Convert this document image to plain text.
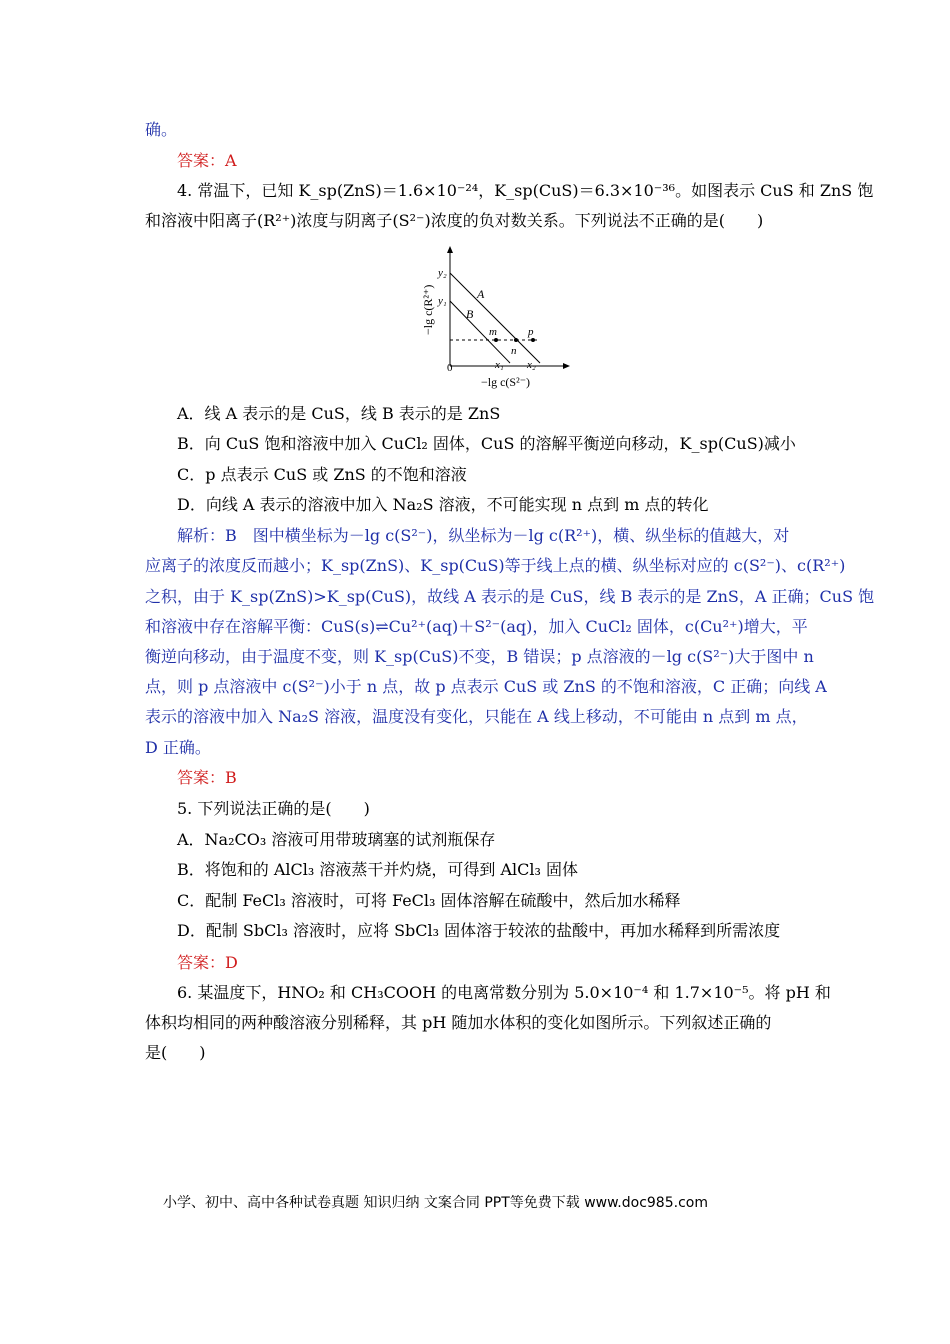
确。
答案：A
4. 常温下，已知 K_sp(ZnS)＝1.6×10⁻²⁴，K_sp(CuS)＝6.3×10⁻³⁶。如图表示 CuS 和 ZnS 饱
和溶液中阳离子(R²⁺)浓度与阴离子(S²⁻)浓度的负对数关系。下列说法不正确的是(　　)
y₂
y₁	A
B
m
n
p
0	x₁ x₂
−lg c(S²⁻)
−lg c(R²⁺)
A．线 A 表示的是 CuS，线 B 表示的是 ZnS
B．向 CuS 饱和溶液中加入 CuCl₂ 固体，CuS 的溶解平衡逆向移动，K_sp(CuS)减小
C．p 点表示 CuS 或 ZnS 的不饱和溶液
D．向线 A 表示的溶液中加入 Na₂S 溶液，不可能实现 n 点到 m 点的转化
解析：B　图中横坐标为－lg c(S²⁻)，纵坐标为－lg c(R²⁺)，横、纵坐标的值越大，对
应离子的浓度反而越小；K_sp(ZnS)、K_sp(CuS)等于线上点的横、纵坐标对应的 c(S²⁻)、c(R²⁺)
之积，由于 K_sp(ZnS)>K_sp(CuS)，故线 A 表示的是 CuS，线 B 表示的是 ZnS，A 正确；CuS 饱
和溶液中存在溶解平衡：CuS(s)⇌Cu²⁺(aq)＋S²⁻(aq)，加入 CuCl₂ 固体，c(Cu²⁺)增大，平
衡逆向移动，由于温度不变，则 K_sp(CuS)不变，B 错误；p 点溶液的－lg c(S²⁻)大于图中 n
点，则 p 点溶液中 c(S²⁻)小于 n 点，故 p 点表示 CuS 或 ZnS 的不饱和溶液，C 正确；向线 A
表示的溶液中加入 Na₂S 溶液，温度没有变化，只能在 A 线上移动，不可能由 n 点到 m 点，
D 正确。
答案：B
5. 下列说法正确的是(　　)
A．Na₂CO₃ 溶液可用带玻璃塞的试剂瓶保存
B．将饱和的 AlCl₃ 溶液蒸干并灼烧，可得到 AlCl₃ 固体
C．配制 FeCl₃ 溶液时，可将 FeCl₃ 固体溶解在硫酸中，然后加水稀释
D．配制 SbCl₃ 溶液时，应将 SbCl₃ 固体溶于较浓的盐酸中，再加水稀释到所需浓度
答案：D
6. 某温度下，HNO₂ 和 CH₃COOH 的电离常数分别为 5.0×10⁻⁴ 和 1.7×10⁻⁵。将 pH 和
体积均相同的两种酸溶液分别稀释，其 pH 随加水体积的变化如图所示。下列叙述正确的
是(　　)
小学、初中、高中各种试卷真题 知识归纳 文案合同 PPT等免费下载 www.doc985.com
